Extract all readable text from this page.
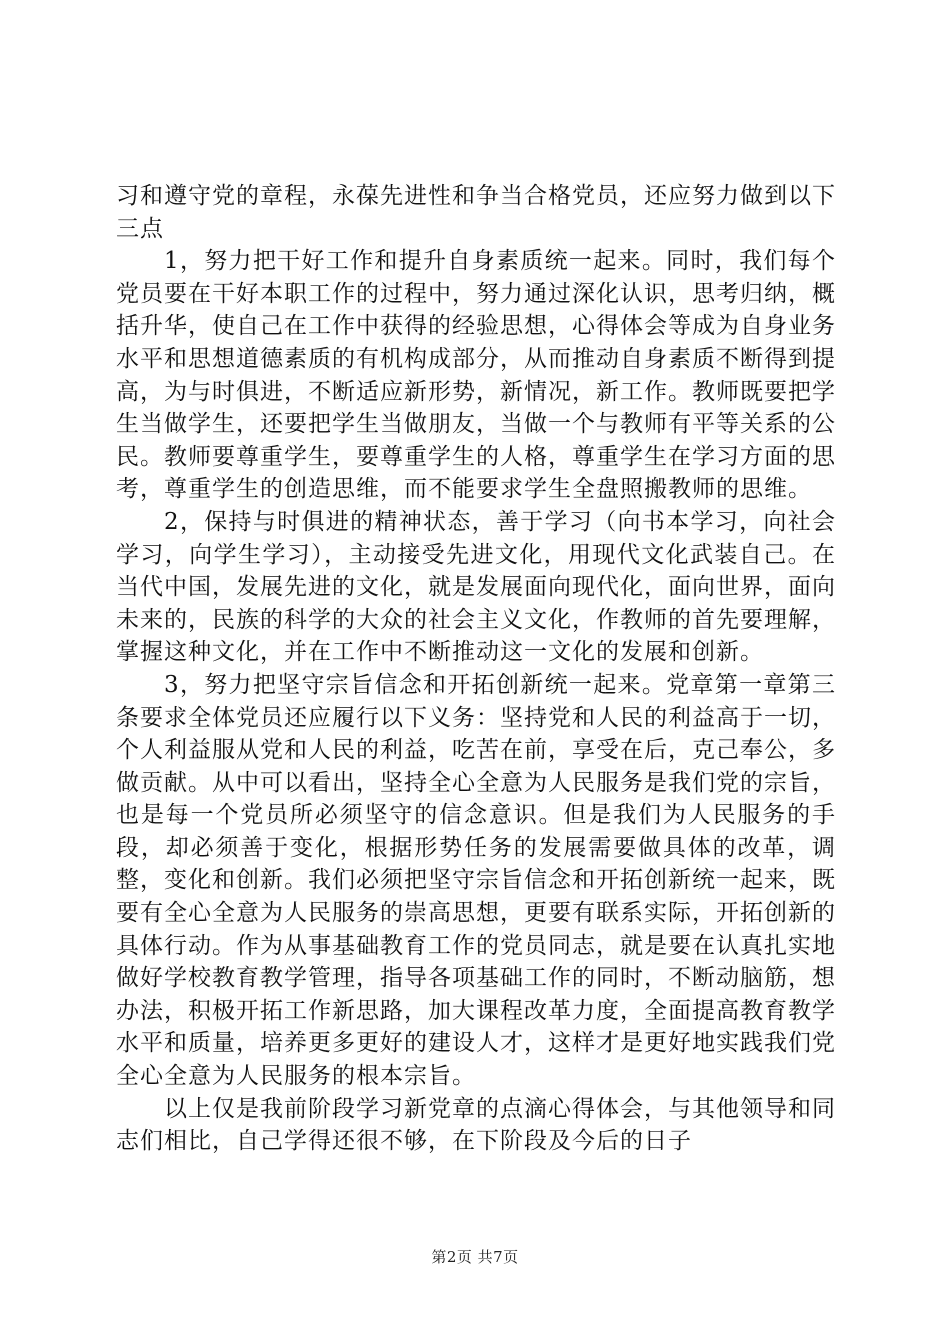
习和遵守党的章程，永葆先进性和争当合格党员，还应努力做到以下三点

1，努力把干好工作和提升自身素质统一起来。同时，我们每个党员要在干好本职工作的过程中，努力通过深化认识，思考归纳，概括升华，使自己在工作中获得的经验思想，心得体会等成为自身业务水平和思想道德素质的有机构成部分，从而推动自身素质不断得到提高，为与时俱进，不断适应新形势，新情况，新工作。教师既要把学生当做学生，还要把学生当做朋友，当做一个与教师有平等关系的公民。教师要尊重学生，要尊重学生的人格，尊重学生在学习方面的思考，尊重学生的创造思维，而不能要求学生全盘照搬教师的思维。

2，保持与时俱进的精神状态，善于学习（向书本学习，向社会学习，向学生学习），主动接受先进文化，用现代文化武装自己。在当代中国，发展先进的文化，就是发展面向现代化，面向世界，面向未来的，民族的科学的大众的社会主义文化，作教师的首先要理解，掌握这种文化，并在工作中不断推动这一文化的发展和创新。

3，努力把坚守宗旨信念和开拓创新统一起来。党章第一章第三条要求全体党员还应履行以下义务：坚持党和人民的利益高于一切，个人利益服从党和人民的利益，吃苦在前，享受在后，克己奉公，多做贡献。从中可以看出，坚持全心全意为人民服务是我们党的宗旨，也是每一个党员所必须坚守的信念意识。但是我们为人民服务的手段，却必须善于变化，根据形势任务的发展需要做具体的改革，调整，变化和创新。我们必须把坚守宗旨信念和开拓创新统一起来，既要有全心全意为人民服务的崇高思想，更要有联系实际，开拓创新的具体行动。作为从事基础教育工作的党员同志，就是要在认真扎实地做好学校教育教学管理，指导各项基础工作的同时，不断动脑筋，想办法，积极开拓工作新思路，加大课程改革力度，全面提高教育教学水平和质量，培养更多更好的建设人才，这样才是更好地实践我们党全心全意为人民服务的根本宗旨。

以上仅是我前阶段学习新党章的点滴心得体会，与其他领导和同志们相比，自己学得还很不够，在下阶段及今后的日子

第2页 共7页
